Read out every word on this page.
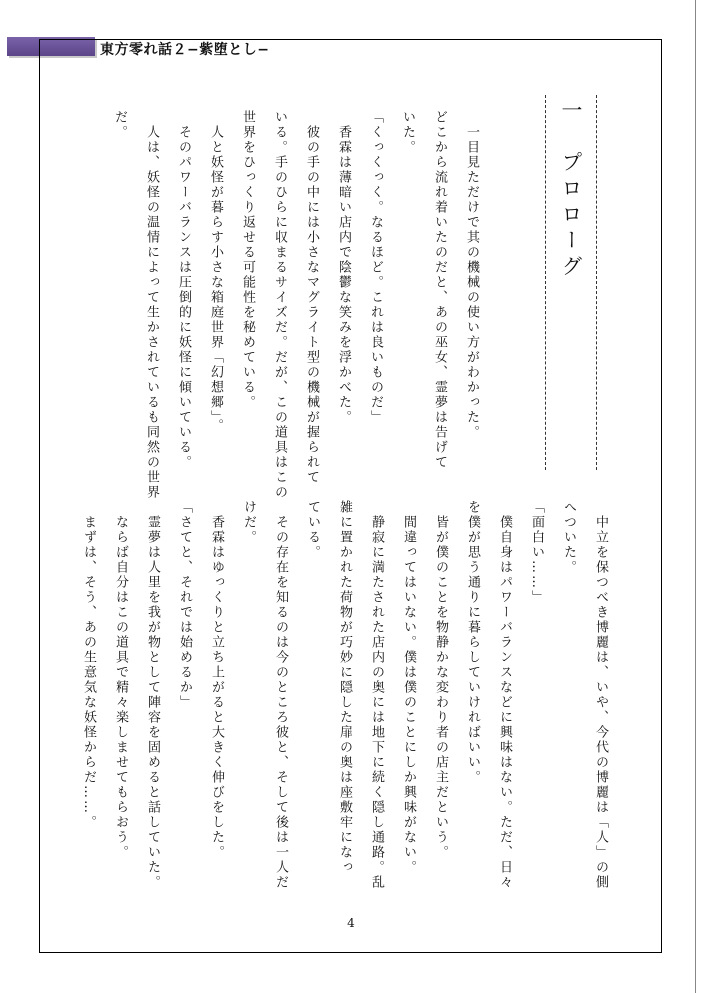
東方零れ話２−紫堕とし−
一　プロローグ
　一目見ただけで其の機械の使い方がわかった。
どこから流れ着いたのだと、あの巫女、霊夢は告げて
いた。
「くっくっく。なるほど。これは良いものだ」
　香霖は薄暗い店内で陰鬱な笑みを浮かべた。
　彼の手の中には小さなマグライト型の機械が握られて
いる。手のひらに収まるサイズだ。だが、この道具はこの
世界をひっくり返せる可能性を秘めている。
　人と妖怪が暮らす小さな箱庭世界「幻想郷」。
　そのパワーバランスは圧倒的に妖怪に傾いている。
　人は、妖怪の温情によって生かされているも同然の世界
だ。
　中立を保つべき博麗は、いや、今代の博麗は「人」の側
へついた。
「面白い……」
　僕自身はパワーバランスなどに興味はない。ただ、日々
を僕が思う通りに暮らしていければいい。
　皆が僕のことを物静かな変わり者の店主だという。
　間違ってはいない。僕は僕のことにしか興味がない。
　静寂に満たされた店内の奥には地下に続く隠し通路。乱
雑に置かれた荷物が巧妙に隠した扉の奥は座敷牢になっ
ている。
　その存在を知るのは今のところ彼と、そして後は一人だ
けだ。
　香霖はゆっくりと立ち上がると大きく伸びをした。
「さてと、それでは始めるか」
　霊夢は人里を我が物として陣容を固めると話していた。
　ならば自分はこの道具で精々楽しませてもらおう。
　まずは、そう、あの生意気な妖怪からだ……。
4
